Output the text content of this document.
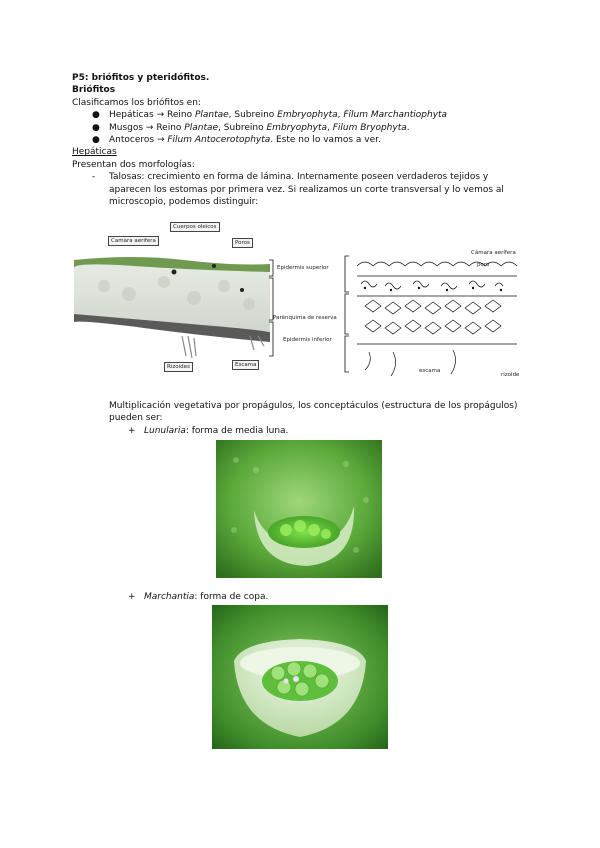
P5: briófitos y pteridófitos.
Briófitos
Clasificamos los briófitos en:
● Hepáticas → Reino Plantae, Subreino Embryophyta, Filum Marchantiophyta
● Musgos → Reino Plantae, Subreino Embryophyta, Filum Bryophyta.
● Antoceros → Filum Antocerotophyta. Este no lo vamos a ver.
Hepáticas
Presentan dos morfologías:
- Talosas: crecimiento en forma de lámina. Internamente poseen verdaderos tejidos y aparecen los estomas por primera vez. Si realizamos un corte transversal y lo vemos al microscopio, podemos distinguir:
Camara aerifera
Cuerpos oleicos
Poros
Rizoides	Escama
Epidermis superior
Parénquima de reserva
Epidermis inferior
poro
Cámara aerífera
escama
rizoide
Multiplicación vegetativa por propágulos, los conceptáculos (estructura de los propágulos) pueden ser:
+ Lunularia: forma de media luna.
+ Marchantia: forma de copa.
